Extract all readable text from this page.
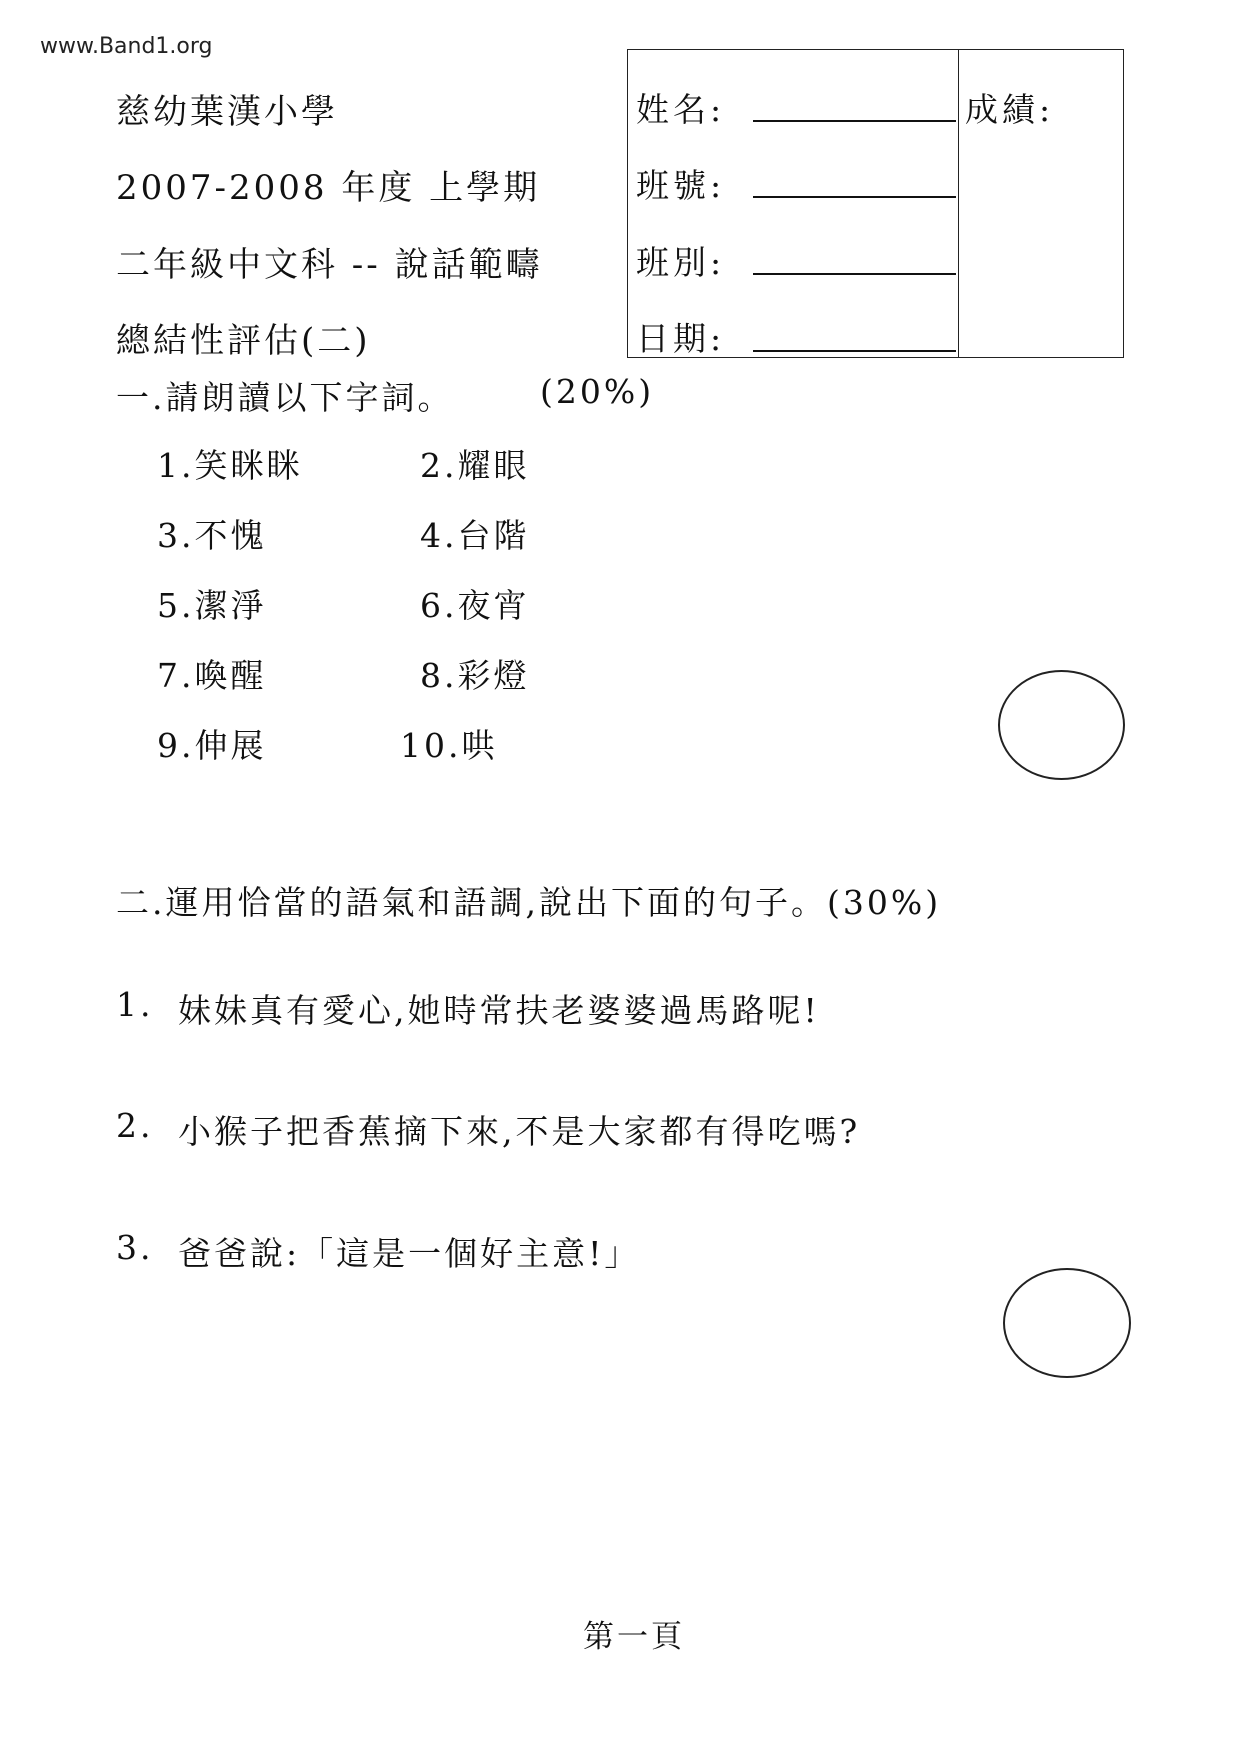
www.Band1.org
慈幼葉漢小學
2007-2008 年度 上學期
二年級中文科 -- 說話範疇
總結性評估(二)
姓名:
班號:
班別:
日期:
成績:
一.請朗讀以下字詞。	(20%)
1.笑眯眯	2.耀眼
3.不愧	4.台階
5.潔淨	6.夜宵
7.喚醒	8.彩燈
9.伸展	10.哄
二.運用恰當的語氣和語調,說出下面的句子。(30%)
1. 妹妹真有愛心,她時常扶老婆婆過馬路呢!
2. 小猴子把香蕉摘下來,不是大家都有得吃嗎?
3. 爸爸說:「這是一個好主意!」
第一頁
